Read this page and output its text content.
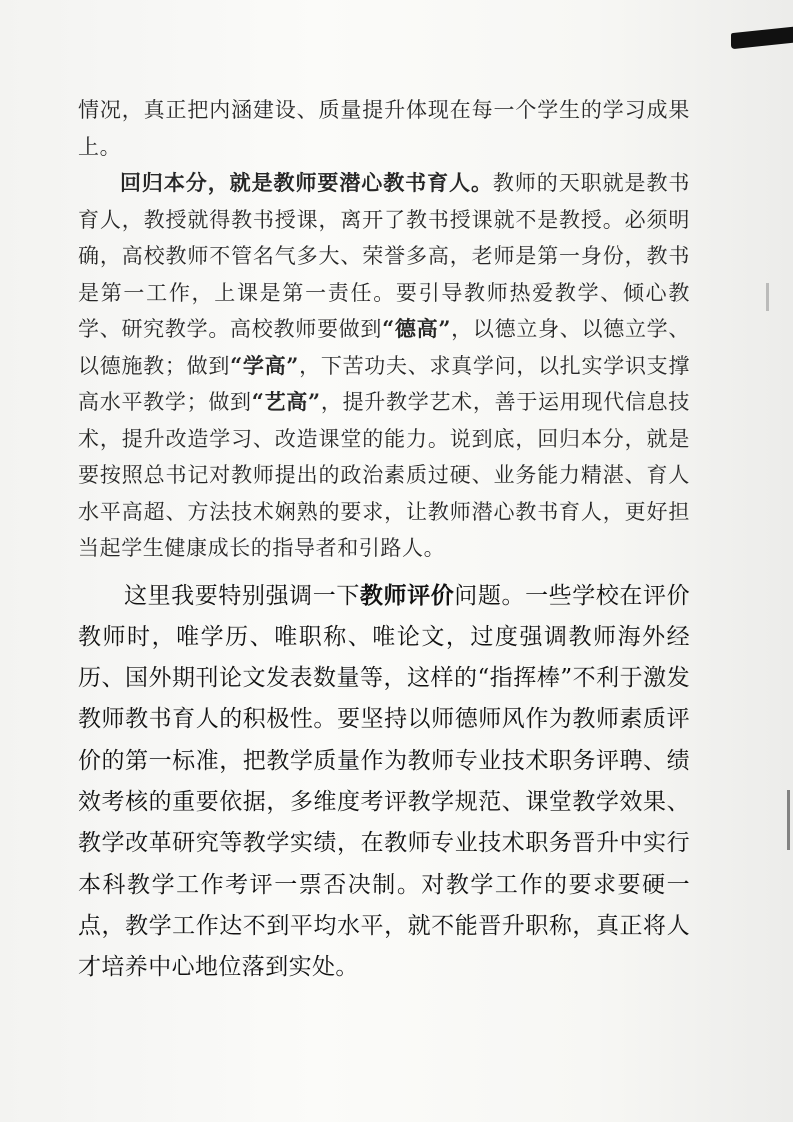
情况，真正把内涵建设、质量提升体现在每一个学生的学习成果上。

回归本分，就是教师要潜心教书育人。教师的天职就是教书育人，教授就得教书授课，离开了教书授课就不是教授。必须明确，高校教师不管名气多大、荣誉多高，老师是第一身份，教书是第一工作，上课是第一责任。要引导教师热爱教学、倾心教学、研究教学。高校教师要做到“德高”，以德立身、以德立学、以德施教；做到“学高”，下苦功夫、求真学问，以扎实学识支撑高水平教学；做到“艺高”，提升教学艺术，善于运用现代信息技术，提升改造学习、改造课堂的能力。说到底，回归本分，就是要按照总书记对教师提出的政治素质过硬、业务能力精湛、育人水平高超、方法技术娴熟的要求，让教师潜心教书育人，更好担当起学生健康成长的指导者和引路人。

这里我要特别强调一下教师评价问题。一些学校在评价教师时，唯学历、唯职称、唯论文，过度强调教师海外经历、国外期刊论文发表数量等，这样的“指挥棒”不利于激发教师教书育人的积极性。要坚持以师德师风作为教师素质评价的第一标准，把教学质量作为教师专业技术职务评聘、绩效考核的重要依据，多维度考评教学规范、课堂教学效果、教学改革研究等教学实绩，在教师专业技术职务晋升中实行本科教学工作考评一票否决制。对教学工作的要求要硬一点，教学工作达不到平均水平，就不能晋升职称，真正将人才培养中心地位落到实处。
